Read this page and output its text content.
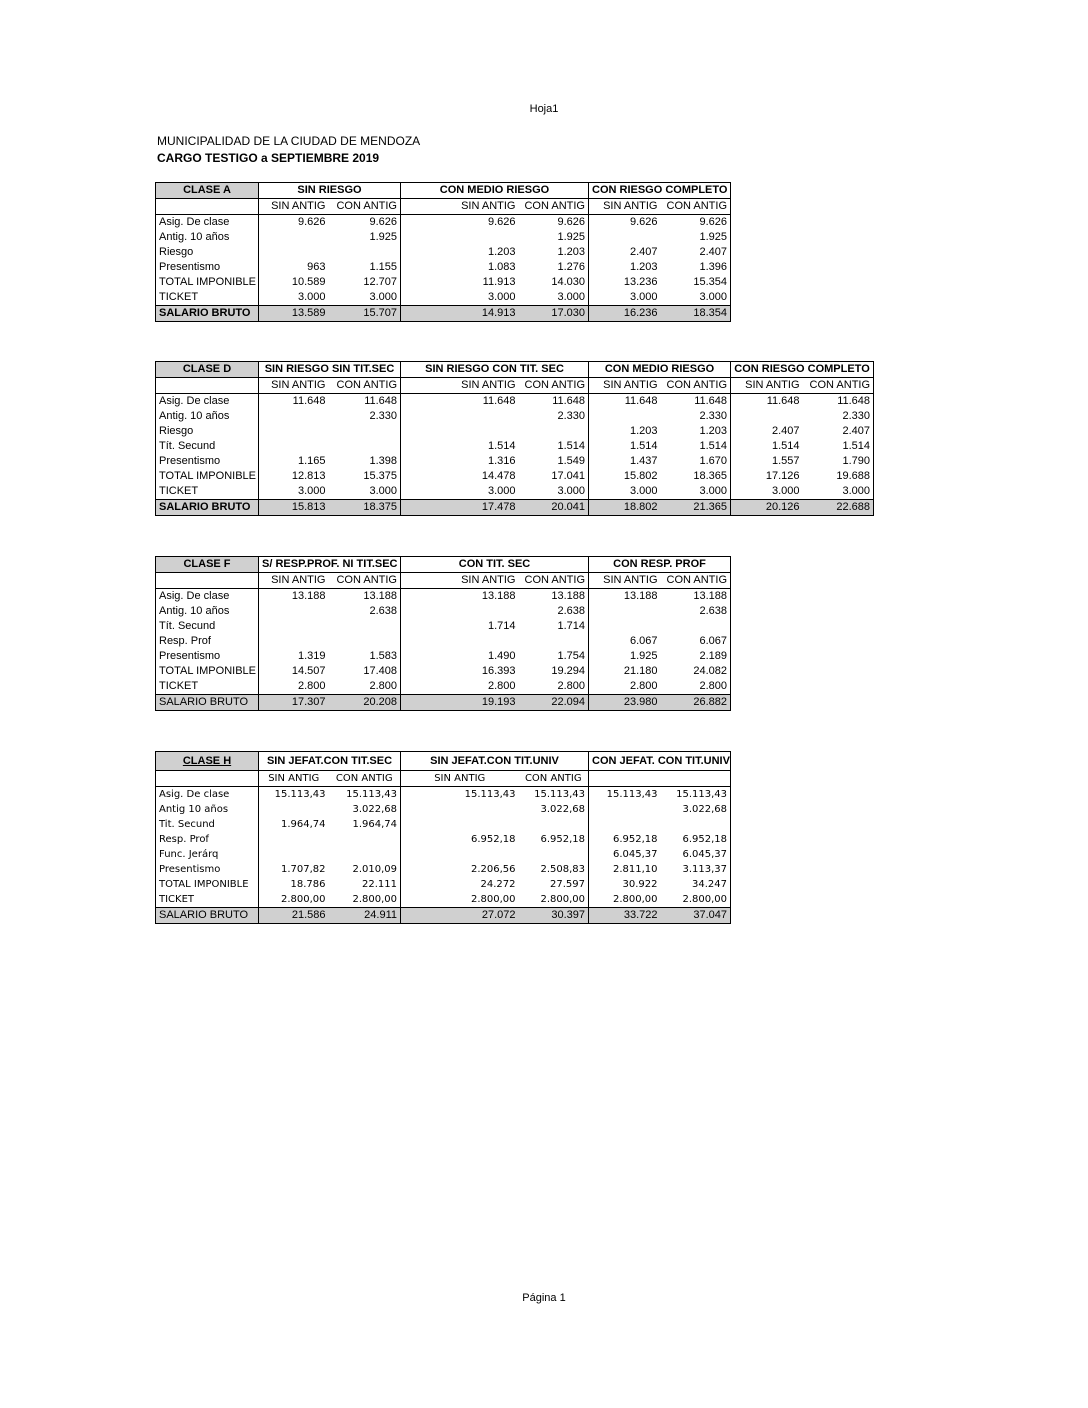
Hoja1
MUNICIPALIDAD DE LA CIUDAD DE MENDOZA
CARGO TESTIGO a SEPTIEMBRE 2019
CLASE A	SIN RIESGO		CON MEDIO RIESGO		CON RIESGO COMPLETO	
	SIN ANTIG	CON ANTIG	SIN ANTIG	CON ANTIG	SIN ANTIG	CON ANTIG
Asig. De clase	9.626	9.626	9.626	9.626	9.626	9.626
Antig. 10 años		1.925		1.925		1.925
Riesgo			1.203	1.203	2.407	2.407
Presentismo	963	1.155	1.083	1.276	1.203	1.396
TOTAL IMPONIBLE	10.589	12.707	11.913	14.030	13.236	15.354
TICKET	3.000	3.000	3.000	3.000	3.000	3.000
SALARIO BRUTO	13.589	15.707	14.913	17.030	16.236	18.354
CLASE D	SIN RIESGO SIN TIT.SEC		SIN RIESGO CON TIT. SEC		CON MEDIO RIESGO		CON RIESGO COMPLETO	
	SIN ANTIG	CON ANTIG	SIN ANTIG	CON ANTIG	SIN ANTIG	CON ANTIG	SIN ANTIG	CON ANTIG
Asig. De clase	11.648	11.648	11.648	11.648	11.648	11.648	11.648	11.648
Antig. 10 años		2.330		2.330		2.330		2.330
Riesgo					1.203	1.203	2.407	2.407
Tít. Secund			1.514	1.514	1.514	1.514	1.514	1.514
Presentismo	1.165	1.398	1.316	1.549	1.437	1.670	1.557	1.790
TOTAL IMPONIBLE	12.813	15.375	14.478	17.041	15.802	18.365	17.126	19.688
TICKET	3.000	3.000	3.000	3.000	3.000	3.000	3.000	3.000
SALARIO BRUTO	15.813	18.375	17.478	20.041	18.802	21.365	20.126	22.688
CLASE F	S/ RESP.PROF. NI TIT.SEC		CON TIT. SEC		CON RESP. PROF	
	SIN ANTIG	CON ANTIG	SIN ANTIG	CON ANTIG	SIN ANTIG	CON ANTIG
Asig. De clase	13.188	13.188	13.188	13.188	13.188	13.188
Antig. 10 años		2.638		2.638		2.638
Tít. Secund			1.714	1.714		
Resp. Prof					6.067	6.067
Presentismo	1.319	1.583	1.490	1.754	1.925	2.189
TOTAL IMPONIBLE	14.507	17.408	16.393	19.294	21.180	24.082
TICKET	2.800	2.800	2.800	2.800	2.800	2.800
SALARIO BRUTO	17.307	20.208	19.193	22.094	23.980	26.882
CLASE H	SIN JEFAT.CON TIT.SEC		SIN JEFAT.CON TIT.UNIV		CON JEFAT. CON TIT.UNIV	
	SIN ANTIG	CON ANTIG	SIN ANTIG	CON ANTIG		
Asig. De clase	15.113,43	15.113,43	15.113,43	15.113,43	15.113,43	15.113,43
Antig 10 años		3.022,68		3.022,68		3.022,68
Tit. Secund	1.964,74	1.964,74				
Resp. Prof			6.952,18	6.952,18	6.952,18	6.952,18
Func. Jerárq					6.045,37	6.045,37
Presentismo	1.707,82	2.010,09	2.206,56	2.508,83	2.811,10	3.113,37
TOTAL IMPONIBLE	18.786	22.111	24.272	27.597	30.922	34.247
TICKET	2.800,00	2.800,00	2.800,00	2.800,00	2.800,00	2.800,00
SALARIO BRUTO	21.586	24.911	27.072	30.397	33.722	37.047
Página 1
